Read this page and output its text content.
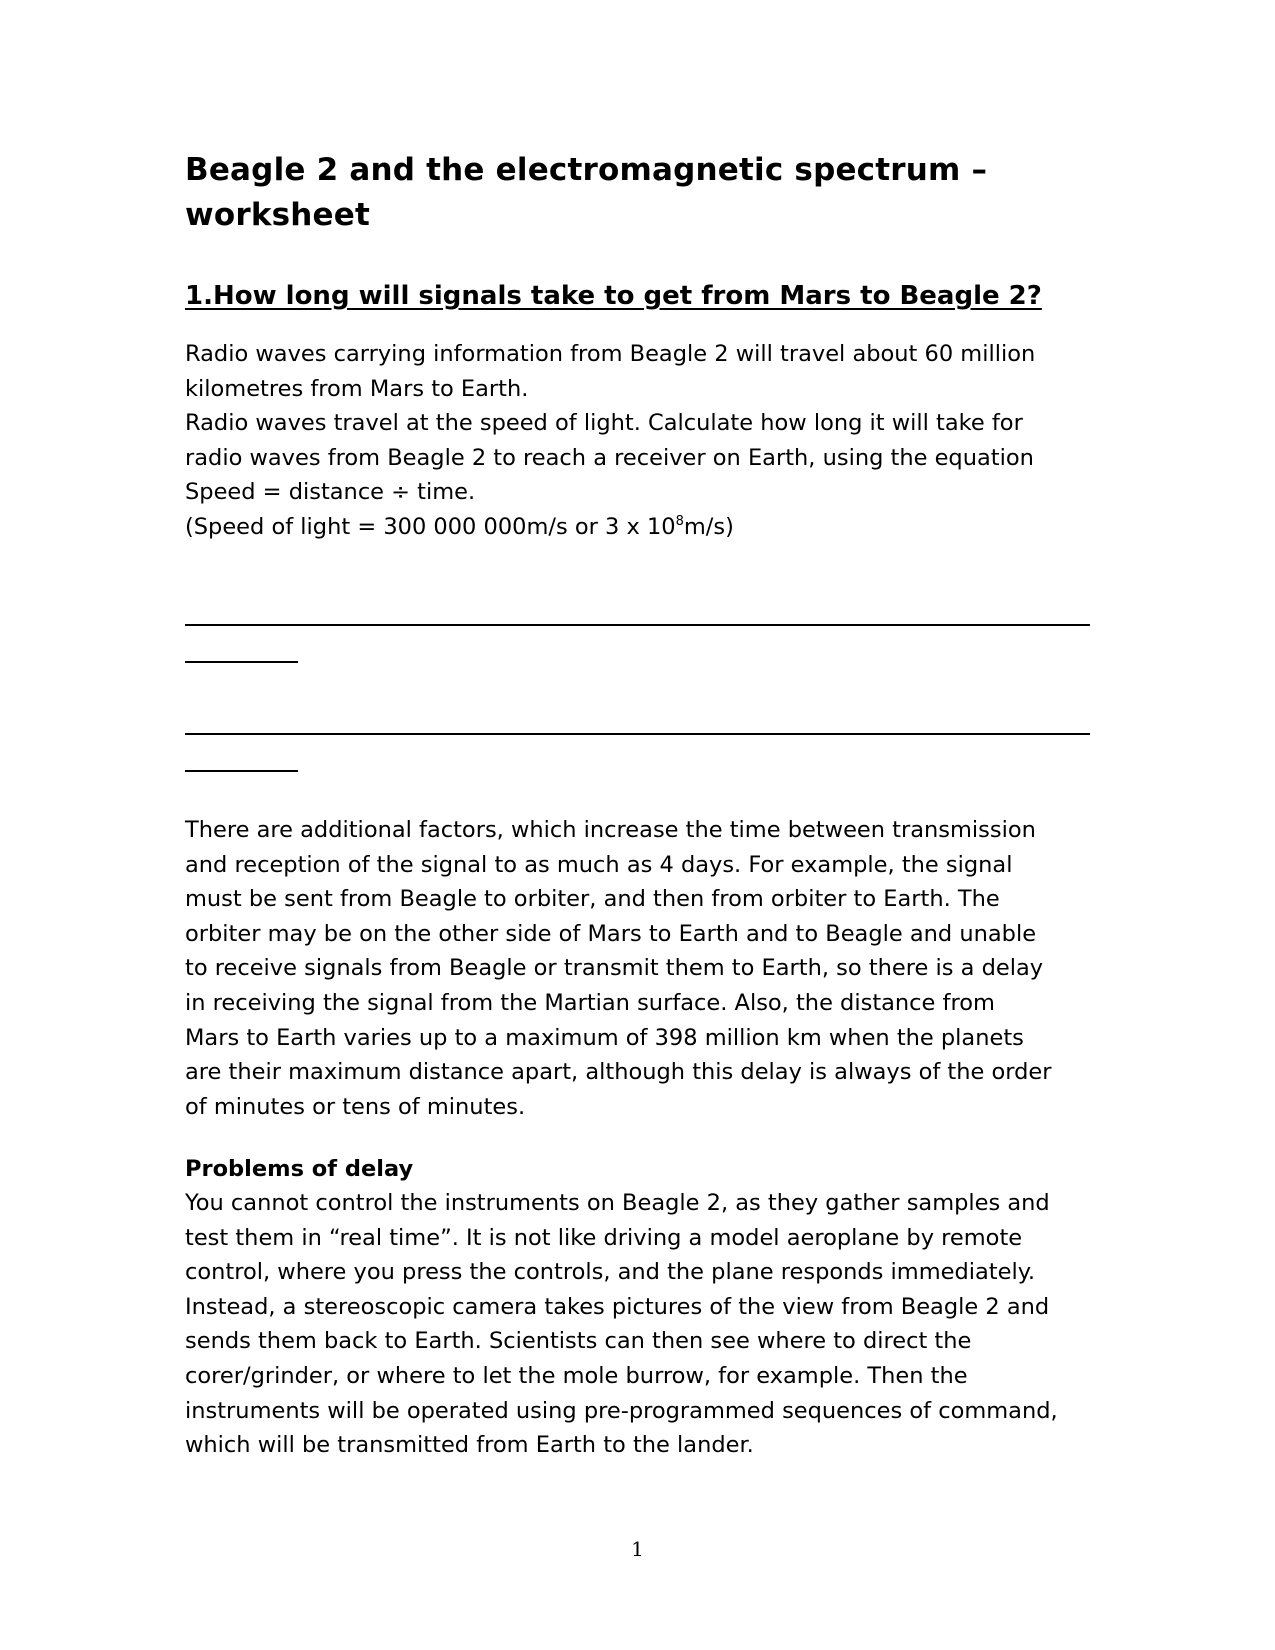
Beagle 2 and the electromagnetic spectrum –
worksheet
1.How long will signals take to get from Mars to Beagle 2?
Radio waves carrying information from Beagle 2 will travel about 60 million
kilometres from Mars to Earth.
Radio waves travel at the speed of light. Calculate how long it will take for
radio waves from Beagle 2 to reach a receiver on Earth, using the equation
Speed = distance ÷ time.
(Speed of light = 300 000 000m/s or 3 x $10^8m/s$)
There are additional factors, which increase the time between transmission
and reception of the signal to as much as 4 days. For example, the signal
must be sent from Beagle to orbiter, and then from orbiter to Earth. The
orbiter may be on the other side of Mars to Earth and to Beagle and unable
to receive signals from Beagle or transmit them to Earth, so there is a delay
in receiving the signal from the Martian surface. Also, the distance from
Mars to Earth varies up to a maximum of 398 million km when the planets
are their maximum distance apart, although this delay is always of the order
of minutes or tens of minutes.
Problems of delay
You cannot control the instruments on Beagle 2, as they gather samples and
test them in “real time”. It is not like driving a model aeroplane by remote
control, where you press the controls, and the plane responds immediately.
Instead, a stereoscopic camera takes pictures of the view from Beagle 2 and
sends them back to Earth. Scientists can then see where to direct the
corer/grinder, or where to let the mole burrow, for example. Then the
instruments will be operated using pre-programmed sequences of command,
which will be transmitted from Earth to the lander.
1
